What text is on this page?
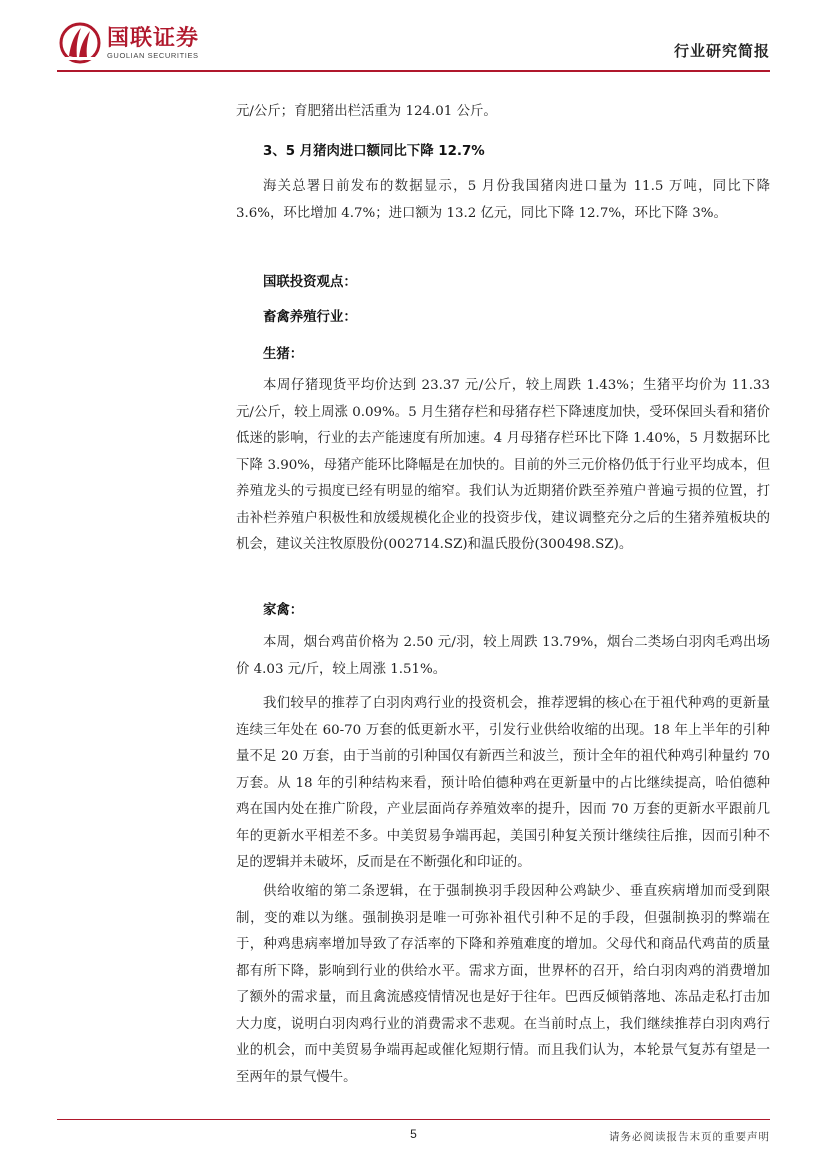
国联证券
GUOLIAN SECURITIES	行业研究简报
元/公斤；育肥猪出栏活重为 124.01 公斤。
3、5 月猪肉进口额同比下降 12.7%
海关总署日前发布的数据显示，5 月份我国猪肉进口量为 11.5 万吨，同比下降 3.6%，环比增加 4.7%；进口额为 13.2 亿元，同比下降 12.7%，环比下降 3%。
国联投资观点：
畜禽养殖行业：
生猪：
本周仔猪现货平均价达到 23.37 元/公斤，较上周跌 1.43%；生猪平均价为 11.33 元/公斤，较上周涨 0.09%。5 月生猪存栏和母猪存栏下降速度加快，受环保回头看和猪价低迷的影响，行业的去产能速度有所加速。4 月母猪存栏环比下降 1.40%，5 月数据环比下降 3.90%，母猪产能环比降幅是在加快的。目前的外三元价格仍低于行业平均成本，但养殖龙头的亏损度已经有明显的缩窄。我们认为近期猪价跌至养殖户普遍亏损的位置，打击补栏养殖户积极性和放缓规模化企业的投资步伐，建议调整充分之后的生猪养殖板块的机会，建议关注牧原股份(002714.SZ)和温氏股份(300498.SZ)。
家禽：
本周，烟台鸡苗价格为 2.50 元/羽，较上周跌 13.79%，烟台二类场白羽肉毛鸡出场价 4.03 元/斤，较上周涨 1.51%。
我们较早的推荐了白羽肉鸡行业的投资机会，推荐逻辑的核心在于祖代种鸡的更新量连续三年处在 60-70 万套的低更新水平，引发行业供给收缩的出现。18 年上半年的引种量不足 20 万套，由于当前的引种国仅有新西兰和波兰，预计全年的祖代种鸡引种量约 70 万套。从 18 年的引种结构来看，预计哈伯德种鸡在更新量中的占比继续提高，哈伯德种鸡在国内处在推广阶段，产业层面尚存养殖效率的提升，因而 70 万套的更新水平跟前几年的更新水平相差不多。中美贸易争端再起，美国引种复关预计继续往后推，因而引种不足的逻辑并未破坏，反而是在不断强化和印证的。
供给收缩的第二条逻辑，在于强制换羽手段因种公鸡缺少、垂直疾病增加而受到限制，变的难以为继。强制换羽是唯一可弥补祖代引种不足的手段，但强制换羽的弊端在于，种鸡患病率增加导致了存活率的下降和养殖难度的增加。父母代和商品代鸡苗的质量都有所下降，影响到行业的供给水平。需求方面，世界杯的召开，给白羽肉鸡的消费增加了额外的需求量，而且禽流感疫情情况也是好于往年。巴西反倾销落地、冻品走私打击加大力度，说明白羽肉鸡行业的消费需求不悲观。在当前时点上，我们继续推荐白羽肉鸡行业的机会，而中美贸易争端再起或催化短期行情。而且我们认为，本轮景气复苏有望是一至两年的景气慢牛。
5	请务必阅读报告末页的重要声明
